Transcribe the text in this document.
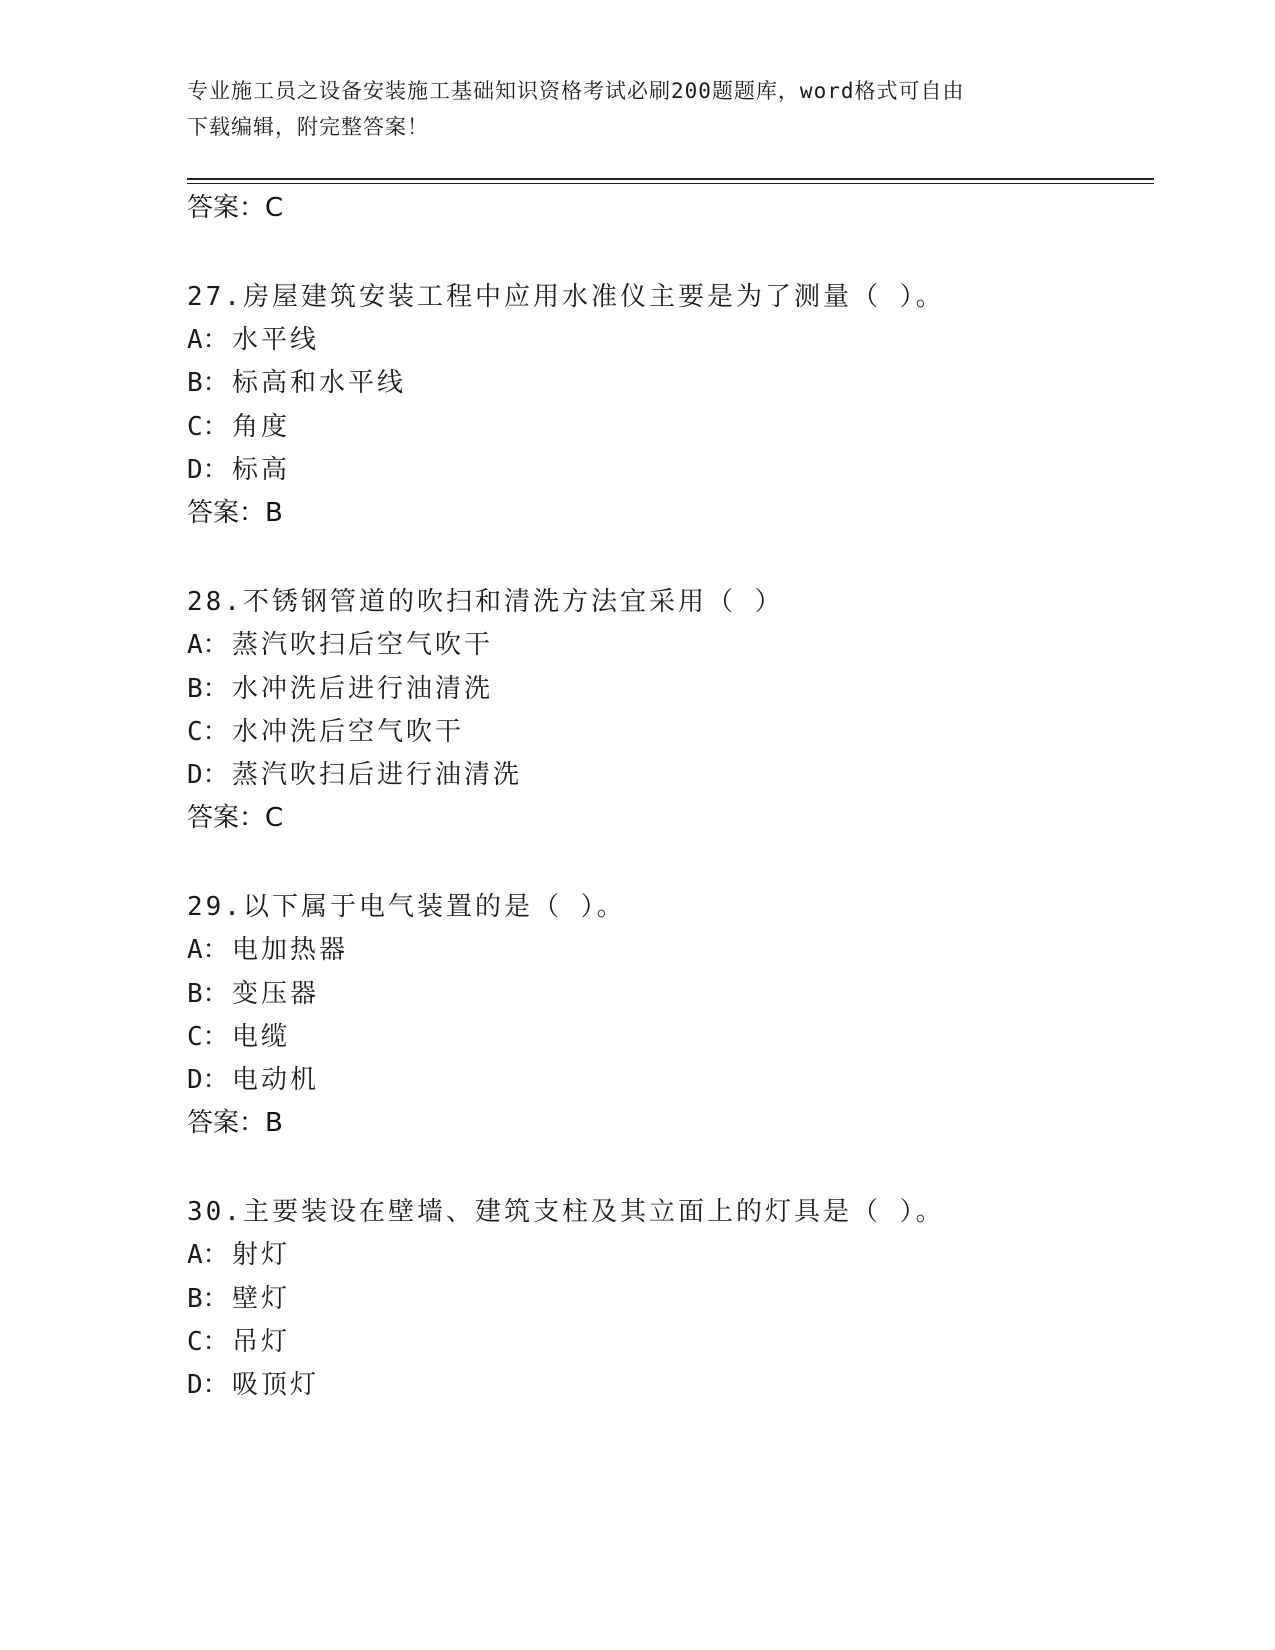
专业施工员之设备安装施工基础知识资格考试必刷200题题库，word格式可自由
下载编辑，附完整答案！
答案：C
27.房屋建筑安装工程中应用水准仪主要是为了测量（ ）。
A： 水平线
B： 标高和水平线
C： 角度
D： 标高
答案：B
28.不锈钢管道的吹扫和清洗方法宜采用（ ）
A： 蒸汽吹扫后空气吹干
B： 水冲洗后进行油清洗
C： 水冲洗后空气吹干
D： 蒸汽吹扫后进行油清洗
答案：C
29.以下属于电气装置的是（ ）。
A： 电加热器
B： 变压器
C： 电缆
D： 电动机
答案：B
30.主要装设在壁墙、建筑支柱及其立面上的灯具是（ ）。
A： 射灯
B： 壁灯
C： 吊灯
D： 吸顶灯
